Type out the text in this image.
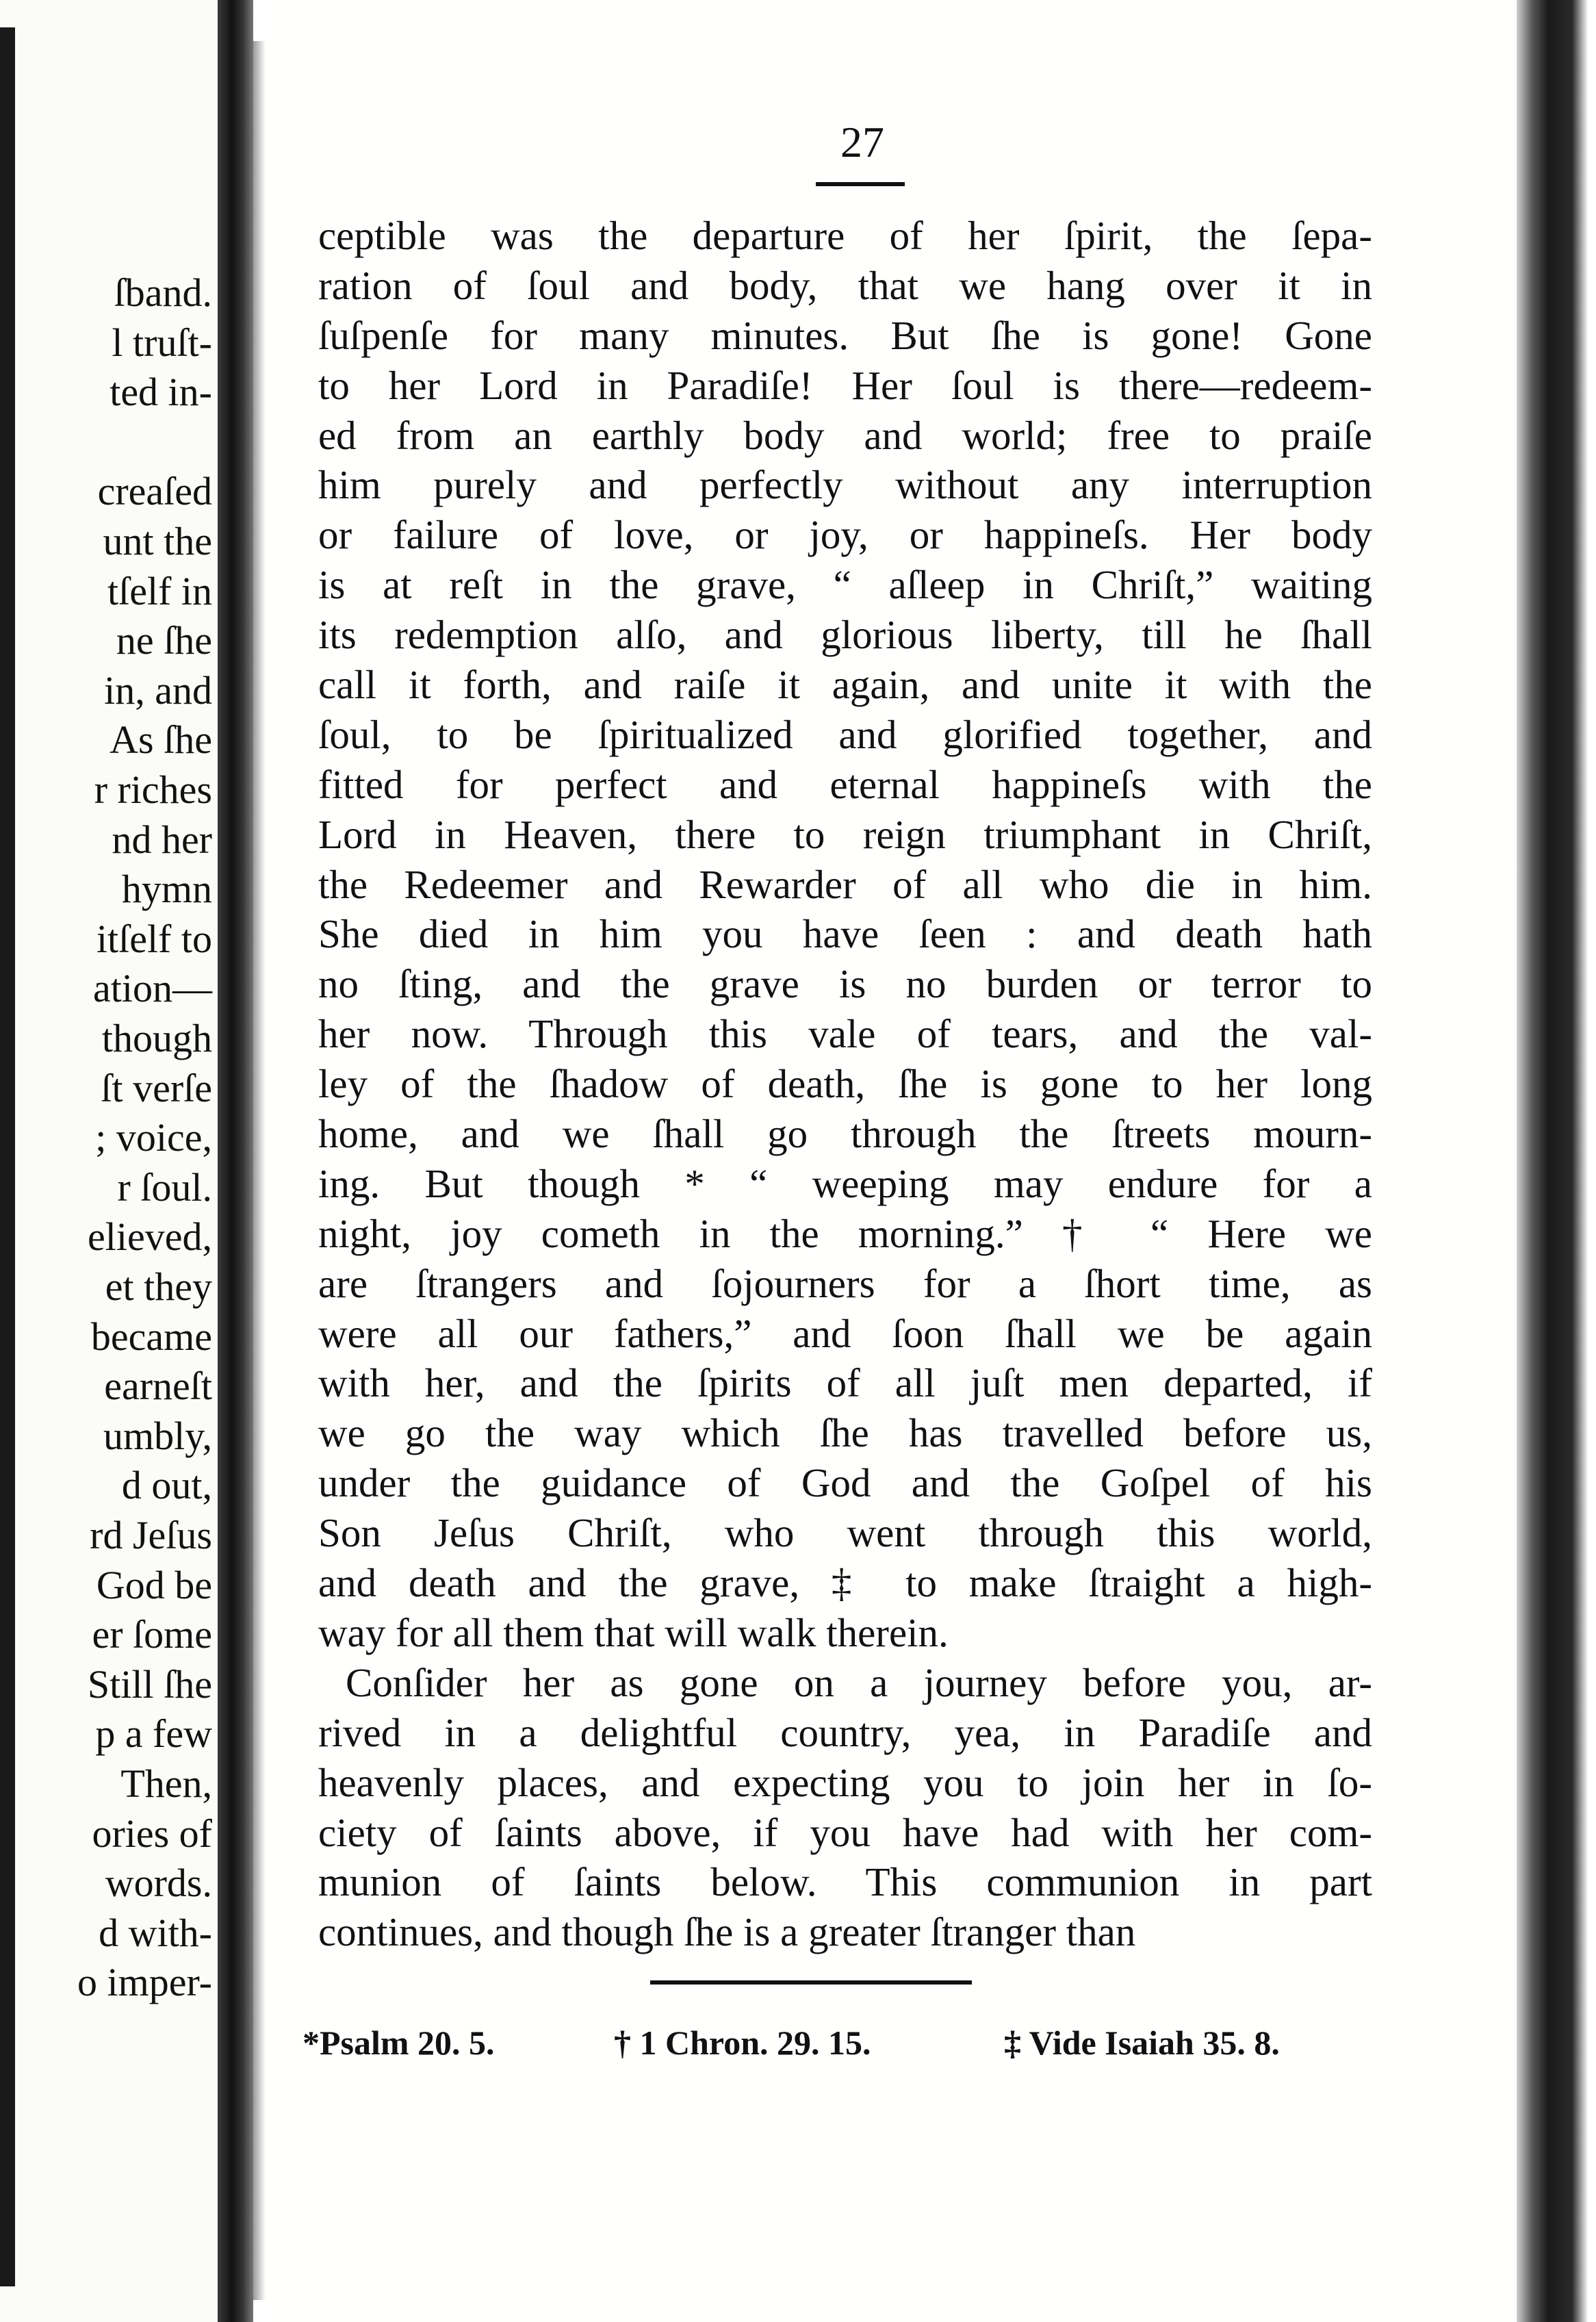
ſband.
l truſt-
ted in-
creaſed
unt the
tſelf in
ne ſhe
in, and
As ſhe
r riches
nd her
hymn
itſelf to
ation—
though
ſt verſe
; voice,
r ſoul.
elieved,
et they
became
earneſt
umbly,
d out,
rd Jeſus
God be
er ſome
Still ſhe
p a few
Then,
ories of
words.
d with-
o imper-
27
ceptible was the departure of her ſpirit, the ſepa-
ration of ſoul and body, that we hang over it in
ſuſpenſe for many minutes. But ſhe is gone! Gone
to her Lord in Paradiſe! Her ſoul is there—redeem-
ed from an earthly body and world; free to praiſe
him purely and perfectly without any interruption
or failure of love, or joy, or happineſs. Her body
is at reſt in the grave, “ aſleep in Chriſt,” waiting
its redemption alſo, and glorious liberty, till he ſhall
call it forth, and raiſe it again, and unite it with the
ſoul, to be ſpiritualized and glorified together, and
fitted for perfect and eternal happineſs with the
Lord in Heaven, there to reign triumphant in Chriſt,
the Redeemer and Rewarder of all who die in him.
She died in him you have ſeen : and death hath
no ſting, and the grave is no burden or terror to
her now. Through this vale of tears, and the val-
ley of the ſhadow of death, ſhe is gone to her long
home, and we ſhall go through the ſtreets mourn-
ing. But though * “ weeping may endure for a
night, joy cometh in the morning.” † “ Here we
are ſtrangers and ſojourners for a ſhort time, as
were all our fathers,” and ſoon ſhall we be again
with her, and the ſpirits of all juſt men departed, if
we go the way which ſhe has travelled before us,
under the guidance of God and the Goſpel of his
Son Jeſus Chriſt, who went through this world,
and death and the grave, ‡ to make ſtraight a high-
way for all them that will walk therein.
Conſider her as gone on a journey before you, ar-
rived in a delightful country, yea, in Paradiſe and
heavenly places, and expecting you to join her in ſo-
ciety of ſaints above, if you have had with her com-
munion of ſaints below. This communion in part
continues, and though ſhe is a greater ſtranger than
*Psalm 20. 5.	† 1 Chron. 29. 15.	‡ Vide Isaiah 35. 8.
